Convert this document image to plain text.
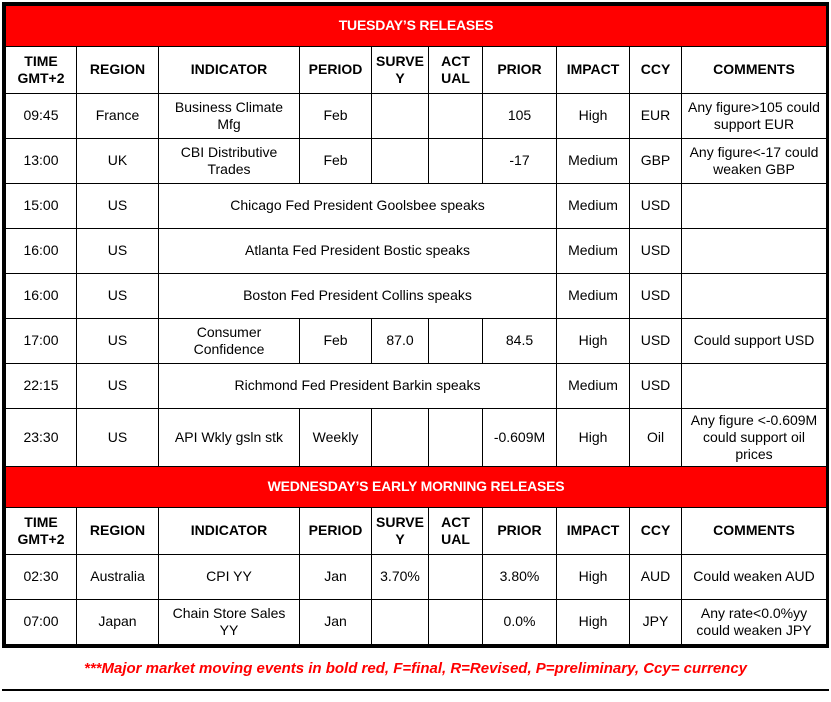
TUESDAY’S RELEASES									
TIME GMT+2	REGION	INDICATOR	PERIOD	SURVEY	ACTUAL	PRIOR	IMPACT	CCY	COMMENTS
09:45	France	Business Climate Mfg	Feb			105	High	EUR	Any figure>105 could support EUR
13:00	UK	CBI Distributive Trades	Feb			-17	Medium	GBP	Any figure<-17 could weaken GBP
15:00	US	Chicago Fed President Goolsbee speaks					Medium	USD	
16:00	US	Atlanta Fed President Bostic speaks					Medium	USD	
16:00	US	Boston Fed President Collins speaks					Medium	USD	
17:00	US	Consumer Confidence	Feb	87.0		84.5	High	USD	Could support USD
22:15	US	Richmond Fed President Barkin speaks					Medium	USD	
23:30	US	API Wkly gsln stk	Weekly			-0.609M	High	Oil	Any figure <-0.609M could support oil prices
WEDNESDAY’S EARLY MORNING RELEASES									
TIME GMT+2	REGION	INDICATOR	PERIOD	SURVEY	ACTUAL	PRIOR	IMPACT	CCY	COMMENTS
02:30	Australia	CPI YY	Jan	3.70%		3.80%	High	AUD	Could weaken AUD
07:00	Japan	Chain Store Sales YY	Jan			0.0%	High	JPY	Any rate<0.0%yy could weaken JPY
***Major market moving events in bold red, F=final, R=Revised, P=preliminary, Ccy= currency
